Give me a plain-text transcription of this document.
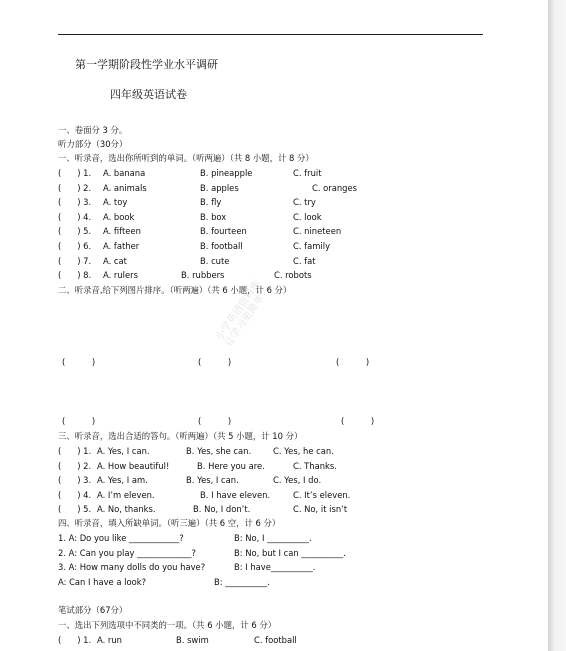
第一学期阶段性学业水平调研
四年级英语试卷
一、卷面分 3 分。
听力部分（30分）
一、听录音，选出你所听到的单词。（听两遍）（共 8 小题，计 8 分）
(      ) 1. A. banana	B. pineapple	C. fruit
(      ) 2. A. animals	B. apples	C. oranges
(      ) 3. A. toy	B. fly	C. try
(      ) 4. A. book	B. box	C. look
(      ) 5. A. fifteen	B. fourteen	C. nineteen
(      ) 6. A. father	B. football	C. family
(      ) 7. A. cat	B. cute	C. fat
(      ) 8. A. rulers	B. rubbers	C. robots
二、听录音,给下列图片排序。（听两遍）（共 6 小题，计 6 分）
(          )	(          )	(          )
(          )	(          )	(          )
小学英语资料库
让学习更简单
三、听录音，选出合适的答句。（听两遍）（共 5 小题，计 10 分）
(      ) 1. A. Yes, I can.	B. Yes, she can.	C. Yes, he can.
(      ) 2. A. How beautiful!	B. Here you are.	C. Thanks.
(      ) 3. A. Yes, I am.	B. Yes, I can.	C. Yes, I do.
(      ) 4. A. I’m eleven.	B. I have eleven.	C. It’s eleven.
(      ) 5. A. No, thanks.	B. No, I don’t.	C. No, it isn’t
四、听录音，填入所缺单词。（听三遍）（共 6 空，计 6 分）
1. A: Do you like ____________?	B: No, I __________.
2. A: Can you play _____________?	B: No, but I can __________.
3. A: How many dolls do you have?	B: I have__________.
A: Can I have a look?	B: __________.
笔试部分（67分）
一、选出下列选项中不同类的一项。（共 6 小题，计 6 分）
(      ) 1. A. run	B. swim	C. football
